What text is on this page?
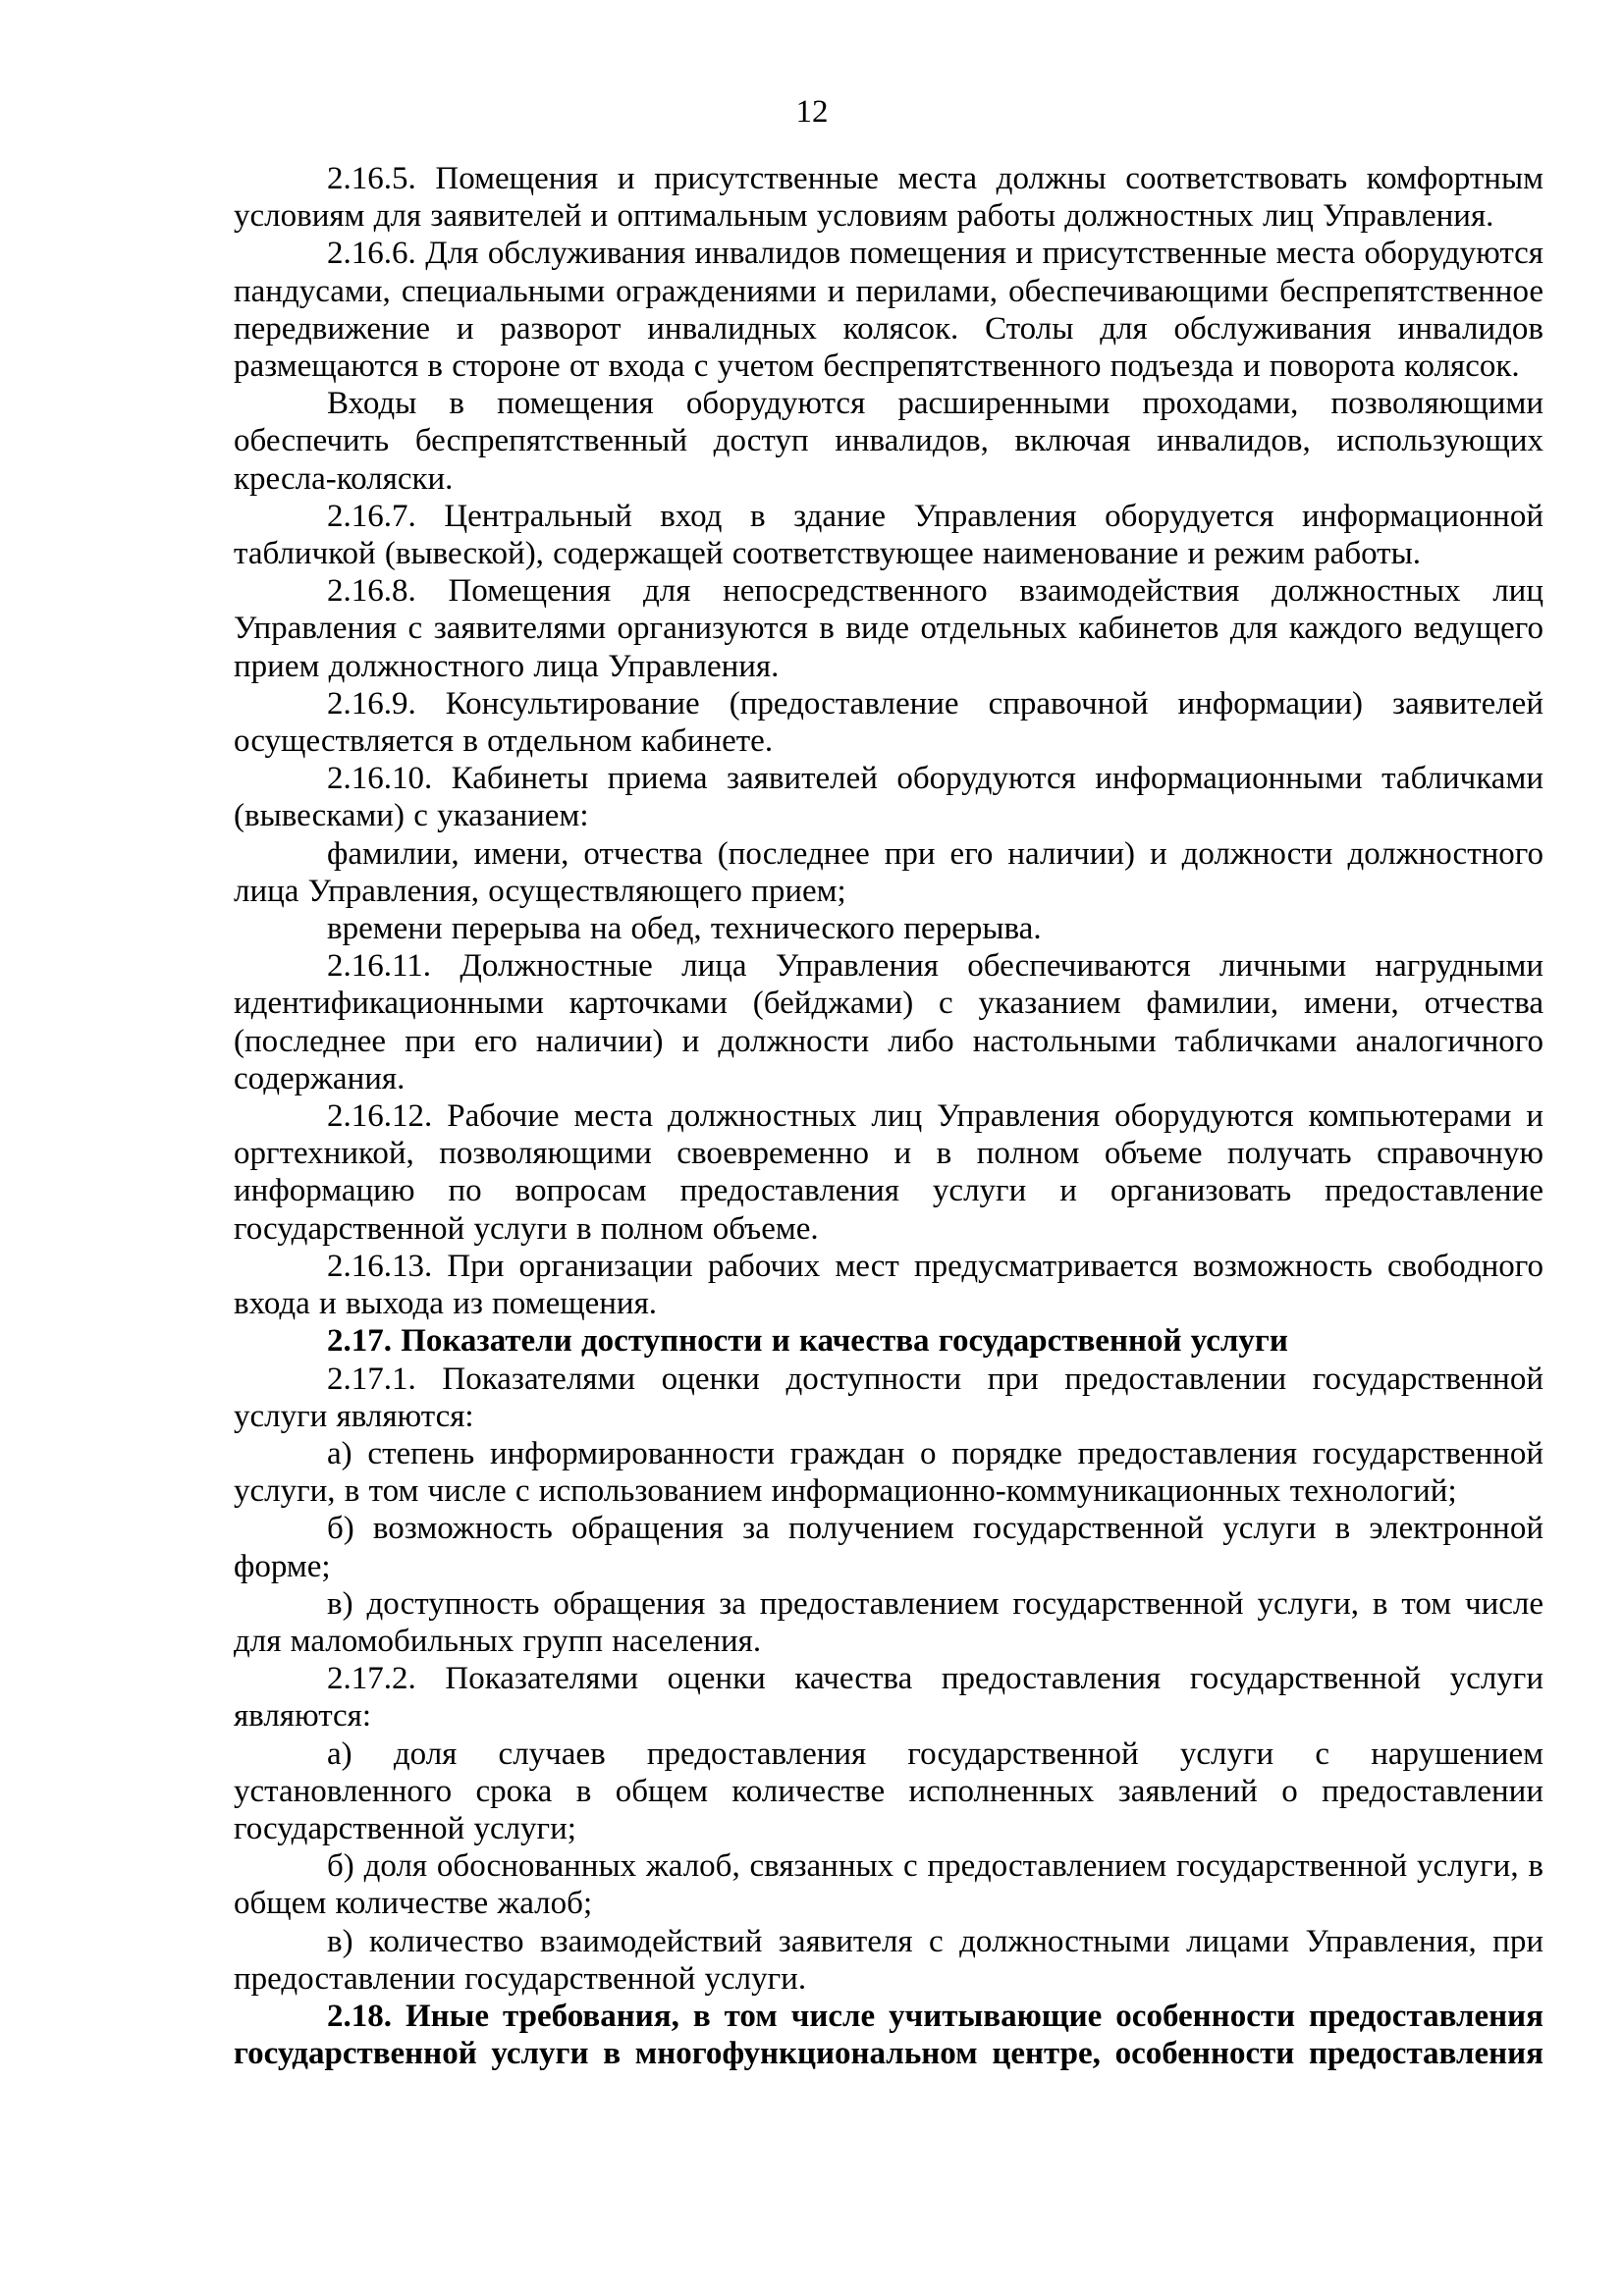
12

2.16.5. Помещения и присутственные места должны соответствовать комфортным условиям для заявителей и оптимальным условиям работы должностных лиц Управления.

2.16.6. Для обслуживания инвалидов помещения и присутственные места оборудуются пандусами, специальными ограждениями и перилами, обеспечивающими беспрепятственное передвижение и разворот инвалидных колясок. Столы для обслуживания инвалидов размещаются в стороне от входа с учетом беспрепятственного подъезда и поворота колясок.

Входы в помещения оборудуются расширенными проходами, позволяющими обеспечить беспрепятственный доступ инвалидов, включая инвалидов, использующих кресла-коляски.

2.16.7. Центральный вход в здание Управления оборудуется информационной табличкой (вывеской), содержащей соответствующее наименование и режим работы.

2.16.8. Помещения для непосредственного взаимодействия должностных лиц Управления с заявителями организуются в виде отдельных кабинетов для каждого ведущего прием должностного лица Управления.

2.16.9. Консультирование (предоставление справочной информации) заявителей осуществляется в отдельном кабинете.

2.16.10. Кабинеты приема заявителей оборудуются информационными табличками (вывесками) с указанием:

фамилии, имени, отчества (последнее при его наличии) и должности должностного лица Управления, осуществляющего прием;

времени перерыва на обед, технического перерыва.

2.16.11. Должностные лица Управления обеспечиваются личными нагрудными идентификационными карточками (бейджами) с указанием фамилии, имени, отчества (последнее при его наличии) и должности либо настольными табличками аналогичного содержания.

2.16.12. Рабочие места должностных лиц Управления оборудуются компьютерами и оргтехникой, позволяющими своевременно и в полном объеме получать справочную информацию по вопросам предоставления услуги и организовать предоставление государственной услуги в полном объеме.

2.16.13. При организации рабочих мест предусматривается возможность свободного входа и выхода из помещения.

2.17. Показатели доступности и качества государственной услуги

2.17.1. Показателями оценки доступности при предоставлении государственной услуги являются:

а) степень информированности граждан о порядке предоставления государственной услуги, в том числе с использованием информационно-коммуникационных технологий;

б) возможность обращения за получением государственной услуги в электронной форме;

в) доступность обращения за предоставлением государственной услуги, в том числе для маломобильных групп населения.

2.17.2. Показателями оценки качества предоставления государственной услуги являются:

а) доля случаев предоставления государственной услуги с нарушением установленного срока в общем количестве исполненных заявлений о предоставлении государственной услуги;

б) доля обоснованных жалоб, связанных с предоставлением государственной услуги, в общем количестве жалоб;

в) количество взаимодействий заявителя с должностными лицами Управления, при предоставлении государственной услуги.

2.18. Иные требования, в том числе учитывающие особенности предоставления государственной услуги в многофункциональном центре, особенности предоставления
